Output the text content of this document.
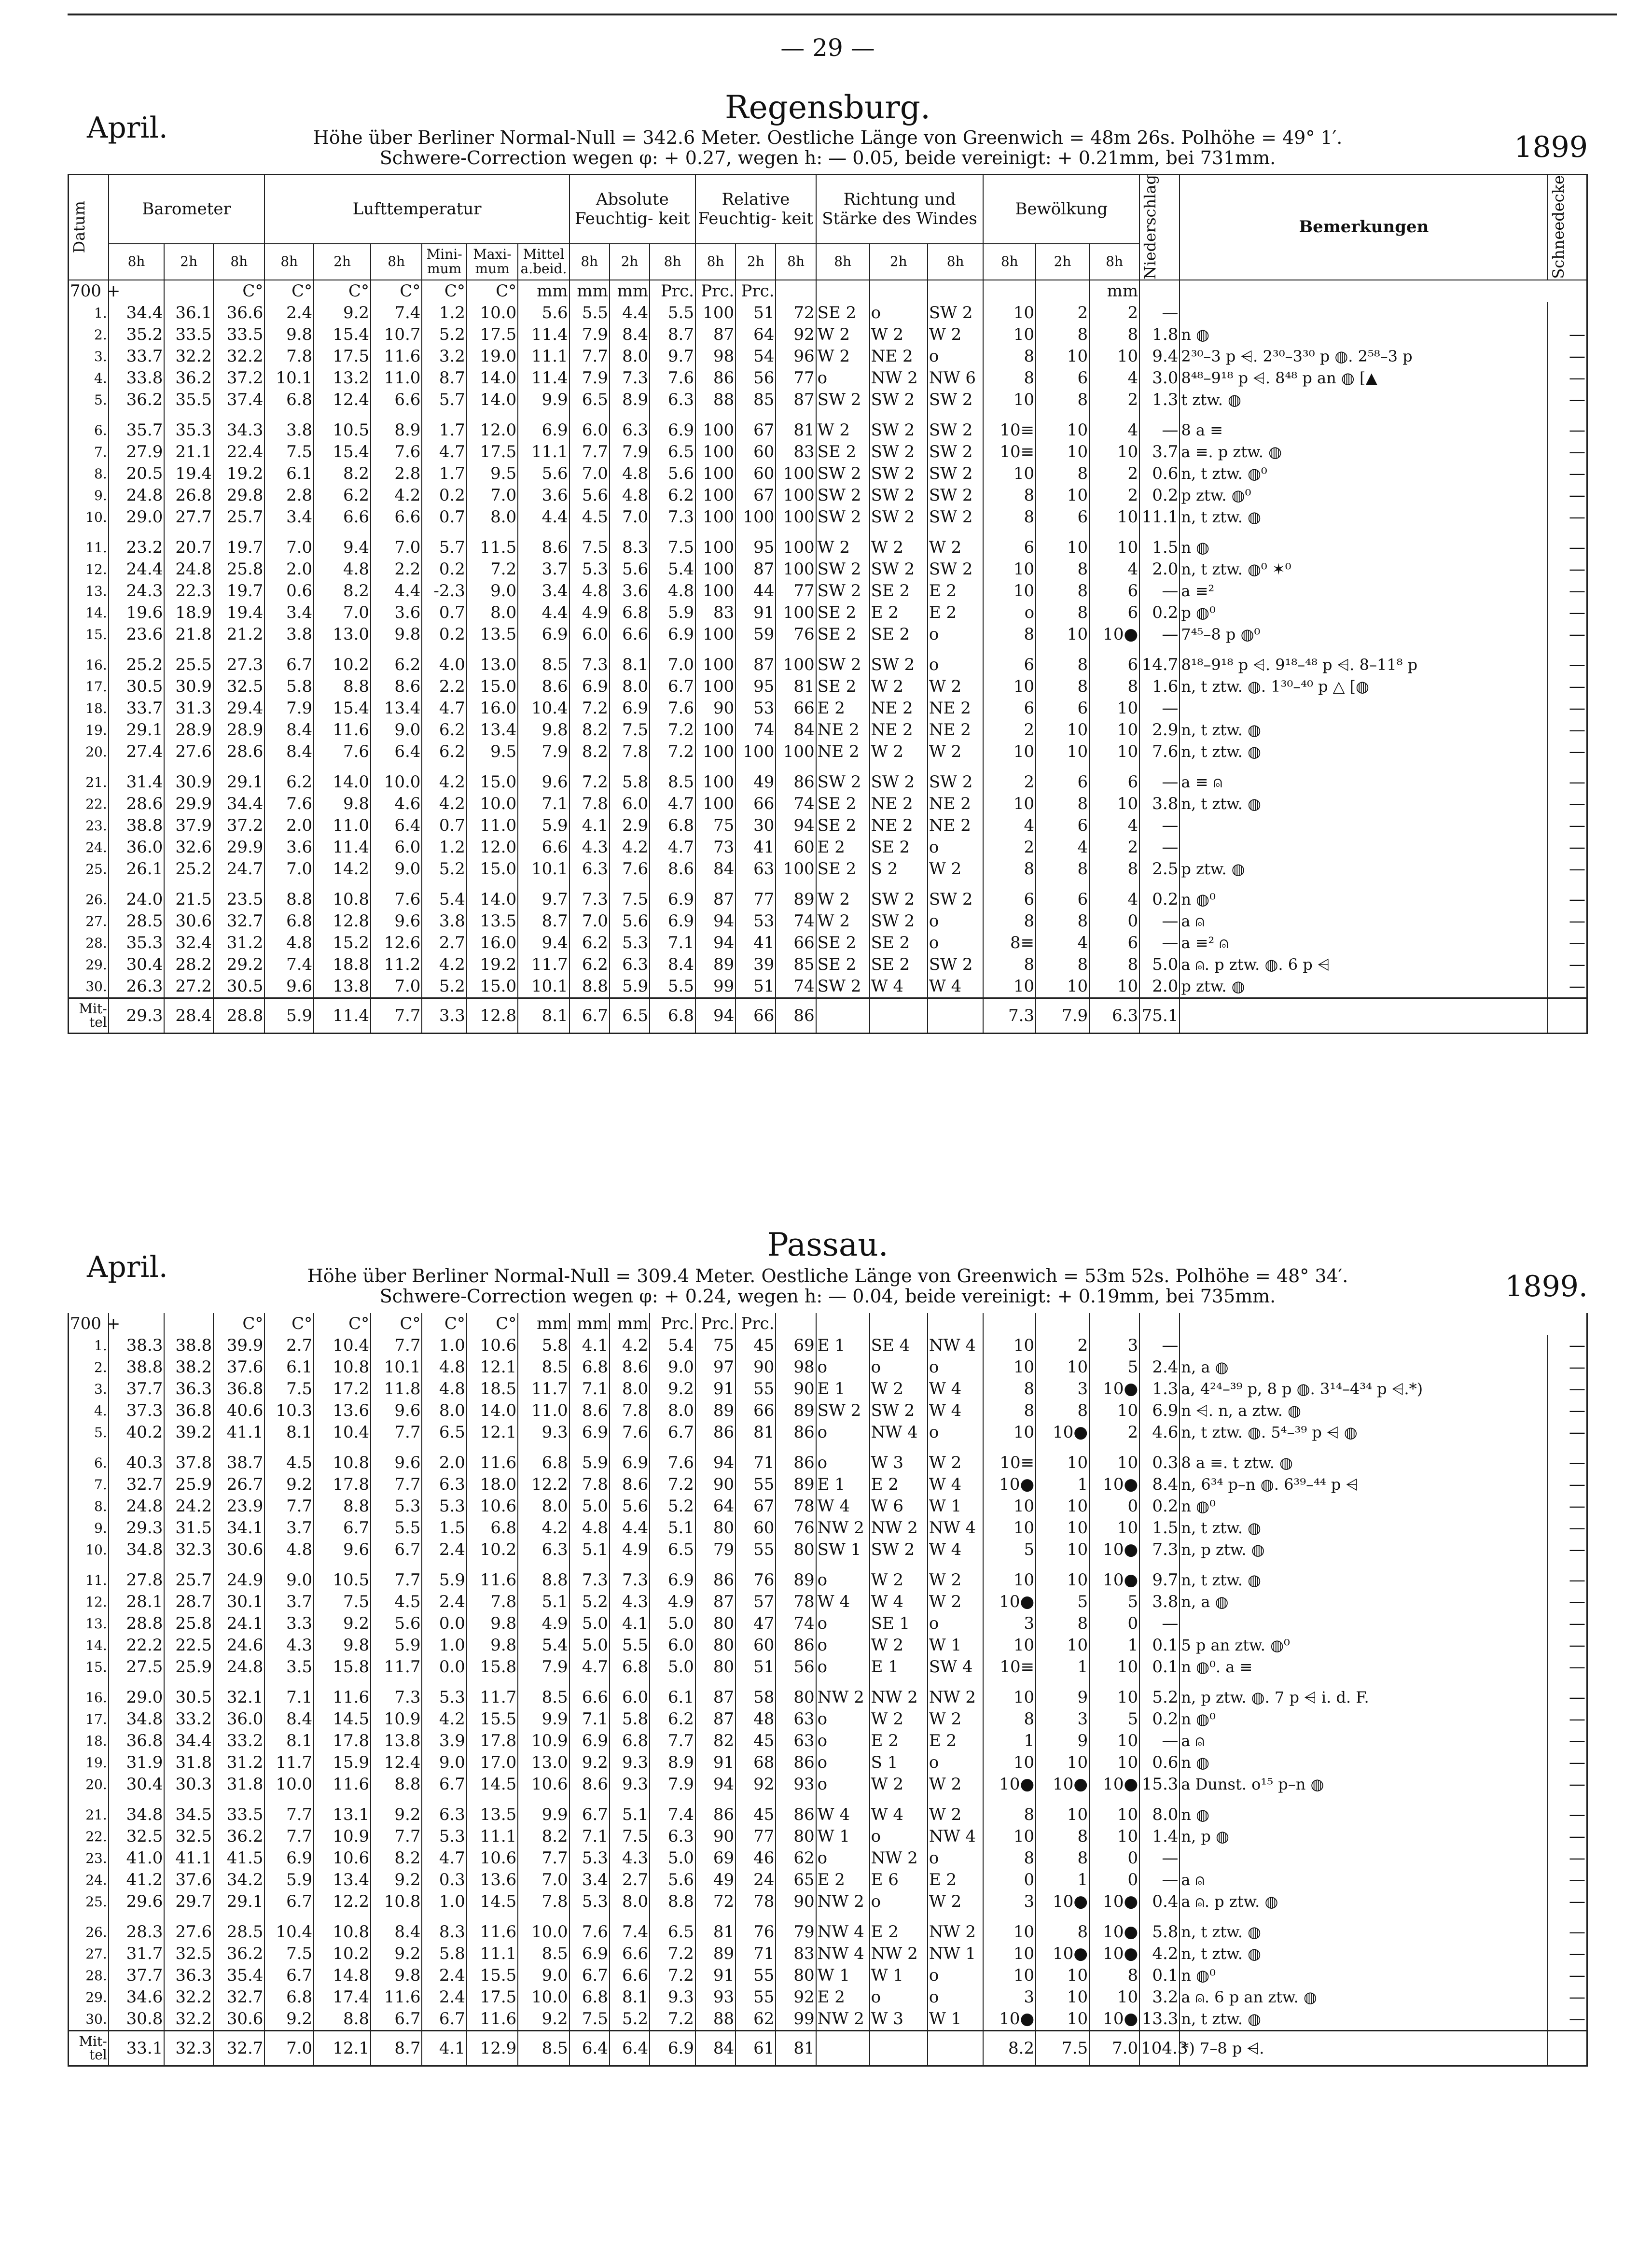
— 29 —
April.
Regensburg.
1899
Höhe über Berliner Normal-Null = 342.6 Meter. Oestliche Länge von Greenwich = 48m 26s. Polhöhe = 49° 1′.
Schwere-Correction wegen φ: + 0.27, wegen h: — 0.05, beide vereinigt: + 0.21mm, bei 731mm.
Datum	Barometer			Lufttemperatur						Absolute Feuchtig- keit			Relative Feuchtig- keit			Richtung und Stärke des Windes			Bewölkung			Niederschlag	Bemerkungen	Schneedecke

	8h	2h	8h	8h	2h	8h	Mini- mum	Maxi- mum	Mittel a.beid.	8h	2h	8h	8h	2h	8h	8h	2h	8h	8h	2h	8h			
700 +			C°	C°	C°	C°	C°	C°	mm	mm	mm	Prc.	Prc.	Prc.							mm			
1.	34.4	36.1	36.6	2.4	9.2	7.4	1.2	10.0	5.6	5.5	4.4	5.5	100	51	72	SE 2	o	SW 2	10	2	2	—		
2.	35.2	33.5	33.5	9.8	15.4	10.7	5.2	17.5	11.4	7.9	8.4	8.7	87	64	92	W 2	W 2	W 2	10	8	8	1.8	n ◍	—
3.	33.7	32.2	32.2	7.8	17.5	11.6	3.2	19.0	11.1	7.7	8.0	9.7	98	54	96	W 2	NE 2	o	8	10	10	9.4	2³⁰–3 p ⩤. 2³⁰–3³⁰ p ◍. 2⁵⁸–3 p	—
4.	33.8	36.2	37.2	10.1	13.2	11.0	8.7	14.0	11.4	7.9	7.3	7.6	86	56	77	o	NW 2	NW 6	8	6	4	3.0	8⁴⁸–9¹⁸ p ⩤. 8⁴⁸ p an ◍ [▲	—
5.	36.2	35.5	37.4	6.8	12.4	6.6	5.7	14.0	9.9	6.5	8.9	6.3	88	85	87	SW 2	SW 2	SW 2	10	8	2	1.3	t ztw. ◍	—

6.	35.7	35.3	34.3	3.8	10.5	8.9	1.7	12.0	6.9	6.0	6.3	6.9	100	67	81	W 2	SW 2	SW 2	10≡	10	4	—	8 a ≡	—
7.	27.9	21.1	22.4	7.5	15.4	7.6	4.7	17.5	11.1	7.7	7.9	6.5	100	60	83	SE 2	SW 2	SW 2	10≡	10	10	3.7	a ≡. p ztw. ◍	—
8.	20.5	19.4	19.2	6.1	8.2	2.8	1.7	9.5	5.6	7.0	4.8	5.6	100	60	100	SW 2	SW 2	SW 2	10	8	2	0.6	n, t ztw. ◍⁰	—
9.	24.8	26.8	29.8	2.8	6.2	4.2	0.2	7.0	3.6	5.6	4.8	6.2	100	67	100	SW 2	SW 2	SW 2	8	10	2	0.2	p ztw. ◍⁰	—
10.	29.0	27.7	25.7	3.4	6.6	6.6	0.7	8.0	4.4	4.5	7.0	7.3	100	100	100	SW 2	SW 2	SW 2	8	6	10	11.1	n, t ztw. ◍	—

11.	23.2	20.7	19.7	7.0	9.4	7.0	5.7	11.5	8.6	7.5	8.3	7.5	100	95	100	W 2	W 2	W 2	6	10	10	1.5	n ◍	—
12.	24.4	24.8	25.8	2.0	4.8	2.2	0.2	7.2	3.7	5.3	5.6	5.4	100	87	100	SW 2	SW 2	SW 2	10	8	4	2.0	n, t ztw. ◍⁰ ✶⁰	—
13.	24.3	22.3	19.7	0.6	8.2	4.4	-2.3	9.0	3.4	4.8	3.6	4.8	100	44	77	SW 2	SE 2	E 2	10	8	6	—	a ≡²	—
14.	19.6	18.9	19.4	3.4	7.0	3.6	0.7	8.0	4.4	4.9	6.8	5.9	83	91	100	SE 2	E 2	E 2	o	8	6	0.2	p ◍⁰	—
15.	23.6	21.8	21.2	3.8	13.0	9.8	0.2	13.5	6.9	6.0	6.6	6.9	100	59	76	SE 2	SE 2	o	8	10	10●	—	7⁴⁵–8 p ◍⁰	—

16.	25.2	25.5	27.3	6.7	10.2	6.2	4.0	13.0	8.5	7.3	8.1	7.0	100	87	100	SW 2	SW 2	o	6	8	6	14.7	8¹⁸–9¹⁸ p ⩤. 9¹⁸–⁴⁸ p ⩤. 8–11⁸ p	—
17.	30.5	30.9	32.5	5.8	8.8	8.6	2.2	15.0	8.6	6.9	8.0	6.7	100	95	81	SE 2	W 2	W 2	10	8	8	1.6	n, t ztw. ◍. 1³⁰–⁴⁰ p △ [◍	—
18.	33.7	31.3	29.4	7.9	15.4	13.4	4.7	16.0	10.4	7.2	6.9	7.6	90	53	66	E 2	NE 2	NE 2	6	6	10	—		—
19.	29.1	28.9	28.9	8.4	11.6	9.0	6.2	13.4	9.8	8.2	7.5	7.2	100	74	84	NE 2	NE 2	NE 2	2	10	10	2.9	n, t ztw. ◍	—
20.	27.4	27.6	28.6	8.4	7.6	6.4	6.2	9.5	7.9	8.2	7.8	7.2	100	100	100	NE 2	W 2	W 2	10	10	10	7.6	n, t ztw. ◍	—

21.	31.4	30.9	29.1	6.2	14.0	10.0	4.2	15.0	9.6	7.2	5.8	8.5	100	49	86	SW 2	SW 2	SW 2	2	6	6	—	a ≡ ⍝	—
22.	28.6	29.9	34.4	7.6	9.8	4.6	4.2	10.0	7.1	7.8	6.0	4.7	100	66	74	SE 2	NE 2	NE 2	10	8	10	3.8	n, t ztw. ◍	—
23.	38.8	37.9	37.2	2.0	11.0	6.4	0.7	11.0	5.9	4.1	2.9	6.8	75	30	94	SE 2	NE 2	NE 2	4	6	4	—		—
24.	36.0	32.6	29.9	3.6	11.4	6.0	1.2	12.0	6.6	4.3	4.2	4.7	73	41	60	E 2	SE 2	o	2	4	2	—		—
25.	26.1	25.2	24.7	7.0	14.2	9.0	5.2	15.0	10.1	6.3	7.6	8.6	84	63	100	SE 2	S 2	W 2	8	8	8	2.5	p ztw. ◍	—

26.	24.0	21.5	23.5	8.8	10.8	7.6	5.4	14.0	9.7	7.3	7.5	6.9	87	77	89	W 2	SW 2	SW 2	6	6	4	0.2	n ◍⁰	—
27.	28.5	30.6	32.7	6.8	12.8	9.6	3.8	13.5	8.7	7.0	5.6	6.9	94	53	74	W 2	SW 2	o	8	8	0	—	a ⍝	—
28.	35.3	32.4	31.2	4.8	15.2	12.6	2.7	16.0	9.4	6.2	5.3	7.1	94	41	66	SE 2	SE 2	o	8≡	4	6	—	a ≡² ⍝	—
29.	30.4	28.2	29.2	7.4	18.8	11.2	4.2	19.2	11.7	6.2	6.3	8.4	89	39	85	SE 2	SE 2	SW 2	8	8	8	5.0	a ⍝. p ztw. ◍. 6 p ⩤	—
30.	26.3	27.2	30.5	9.6	13.8	7.0	5.2	15.0	10.1	8.8	5.9	5.5	99	51	74	SW 2	W 4	W 4	10	10	10	2.0	p ztw. ◍	—
Mit- tel	29.3	28.4	28.8	5.9	11.4	7.7	3.3	12.8	8.1	6.7	6.5	6.8	94	66	86				7.3	7.9	6.3	75.1		
April.
Passau.
1899.
Höhe über Berliner Normal-Null = 309.4 Meter. Oestliche Länge von Greenwich = 53m 52s. Polhöhe = 48° 34′.
Schwere-Correction wegen φ: + 0.24, wegen h: — 0.04, beide vereinigt: + 0.19mm, bei 735mm.
700 +			C°	C°	C°	C°	C°	C°	mm	mm	mm	Prc.	Prc.	Prc.										
1.	38.3	38.8	39.9	2.7	10.4	7.7	1.0	10.6	5.8	4.1	4.2	5.4	75	45	69	E 1	SE 4	NW 4	10	2	3	—		—
2.	38.8	38.2	37.6	6.1	10.8	10.1	4.8	12.1	8.5	6.8	8.6	9.0	97	90	98	o	o	o	10	10	5	2.4	n, a ◍	—
3.	37.7	36.3	36.8	7.5	17.2	11.8	4.8	18.5	11.7	7.1	8.0	9.2	91	55	90	E 1	W 2	W 4	8	3	10●	1.3	a, 4²⁴–³⁹ p, 8 p ◍. 3¹⁴–4³⁴ p ⩤.*)	—
4.	37.3	36.8	40.6	10.3	13.6	9.6	8.0	14.0	11.0	8.6	7.8	8.0	89	66	89	SW 2	SW 2	W 4	8	8	10	6.9	n ⩤. n, a ztw. ◍	—
5.	40.2	39.2	41.1	8.1	10.4	7.7	6.5	12.1	9.3	6.9	7.6	6.7	86	81	86	o	NW 4	o	10	10●	2	4.6	n, t ztw. ◍. 5⁴–³⁹ p ⩤ ◍	—

6.	40.3	37.8	38.7	4.5	10.8	9.6	2.0	11.6	6.8	5.9	6.9	7.6	94	71	86	o	W 3	W 2	10≡	10	10	0.3	8 a ≡. t ztw. ◍	—
7.	32.7	25.9	26.7	9.2	17.8	7.7	6.3	18.0	12.2	7.8	8.6	7.2	90	55	89	E 1	E 2	W 4	10●	1	10●	8.4	n, 6³⁴ p–n ◍. 6³⁹–⁴⁴ p ⩤	—
8.	24.8	24.2	23.9	7.7	8.8	5.3	5.3	10.6	8.0	5.0	5.6	5.2	64	67	78	W 4	W 6	W 1	10	10	0	0.2	n ◍⁰	—
9.	29.3	31.5	34.1	3.7	6.7	5.5	1.5	6.8	4.2	4.8	4.4	5.1	80	60	76	NW 2	NW 2	NW 4	10	10	10	1.5	n, t ztw. ◍	—
10.	34.8	32.3	30.6	4.8	9.6	6.7	2.4	10.2	6.3	5.1	4.9	6.5	79	55	80	SW 1	SW 2	W 4	5	10	10●	7.3	n, p ztw. ◍	—

11.	27.8	25.7	24.9	9.0	10.5	7.7	5.9	11.6	8.8	7.3	7.3	6.9	86	76	89	o	W 2	W 2	10	10	10●	9.7	n, t ztw. ◍	—
12.	28.1	28.7	30.1	3.7	7.5	4.5	2.4	7.8	5.1	5.2	4.3	4.9	87	57	78	W 4	W 4	W 2	10●	5	5	3.8	n, a ◍	—
13.	28.8	25.8	24.1	3.3	9.2	5.6	0.0	9.8	4.9	5.0	4.1	5.0	80	47	74	o	SE 1	o	3	8	0	—		—
14.	22.2	22.5	24.6	4.3	9.8	5.9	1.0	9.8	5.4	5.0	5.5	6.0	80	60	86	o	W 2	W 1	10	10	1	0.1	5 p an ztw. ◍⁰	—
15.	27.5	25.9	24.8	3.5	15.8	11.7	0.0	15.8	7.9	4.7	6.8	5.0	80	51	56	o	E 1	SW 4	10≡	1	10	0.1	n ◍⁰. a ≡	—

16.	29.0	30.5	32.1	7.1	11.6	7.3	5.3	11.7	8.5	6.6	6.0	6.1	87	58	80	NW 2	NW 2	NW 2	10	9	10	5.2	n, p ztw. ◍. 7 p ⩤ i. d. F.	—
17.	34.8	33.2	36.0	8.4	14.5	10.9	4.2	15.5	9.9	7.1	5.8	6.2	87	48	63	o	W 2	W 2	8	3	5	0.2	n ◍⁰	—
18.	36.8	34.4	33.2	8.1	17.8	13.8	3.9	17.8	10.9	6.9	6.8	7.7	82	45	63	o	E 2	E 2	1	9	10	—	a ⍝	—
19.	31.9	31.8	31.2	11.7	15.9	12.4	9.0	17.0	13.0	9.2	9.3	8.9	91	68	86	o	S 1	o	10	10	10	0.6	n ◍	—
20.	30.4	30.3	31.8	10.0	11.6	8.8	6.7	14.5	10.6	8.6	9.3	7.9	94	92	93	o	W 2	W 2	10●	10●	10●	15.3	a Dunst. o¹⁵ p–n ◍	—

21.	34.8	34.5	33.5	7.7	13.1	9.2	6.3	13.5	9.9	6.7	5.1	7.4	86	45	86	W 4	W 4	W 2	8	10	10	8.0	n ◍	—
22.	32.5	32.5	36.2	7.7	10.9	7.7	5.3	11.1	8.2	7.1	7.5	6.3	90	77	80	W 1	o	NW 4	10	8	10	1.4	n, p ◍	—
23.	41.0	41.1	41.5	6.9	10.6	8.2	4.7	10.6	7.7	5.3	4.3	5.0	69	46	62	o	NW 2	o	8	8	0	—		—
24.	41.2	37.6	34.2	5.9	13.4	9.2	0.3	13.6	7.0	3.4	2.7	5.6	49	24	65	E 2	E 6	E 2	0	1	0	—	a ⍝	—
25.	29.6	29.7	29.1	6.7	12.2	10.8	1.0	14.5	7.8	5.3	8.0	8.8	72	78	90	NW 2	o	W 2	3	10●	10●	0.4	a ⍝. p ztw. ◍	—

26.	28.3	27.6	28.5	10.4	10.8	8.4	8.3	11.6	10.0	7.6	7.4	6.5	81	76	79	NW 4	E 2	NW 2	10	8	10●	5.8	n, t ztw. ◍	—
27.	31.7	32.5	36.2	7.5	10.2	9.2	5.8	11.1	8.5	6.9	6.6	7.2	89	71	83	NW 4	NW 2	NW 1	10	10●	10●	4.2	n, t ztw. ◍	—
28.	37.7	36.3	35.4	6.7	14.8	9.8	2.4	15.5	9.0	6.7	6.6	7.2	91	55	80	W 1	W 1	o	10	10	8	0.1	n ◍⁰	—
29.	34.6	32.2	32.7	6.8	17.4	11.6	2.4	17.5	10.0	6.8	8.1	9.3	93	55	92	E 2	o	o	3	10	10	3.2	a ⍝. 6 p an ztw. ◍	—
30.	30.8	32.2	30.6	9.2	8.8	6.7	6.7	11.6	9.2	7.5	5.2	7.2	88	62	99	NW 2	W 3	W 1	10●	10	10●	13.3	n, t ztw. ◍	—
Mit- tel	33.1	32.3	32.7	7.0	12.1	8.7	4.1	12.9	8.5	6.4	6.4	6.9	84	61	81				8.2	7.5	7.0	104.3	*) 7–8 p ⩤.	
